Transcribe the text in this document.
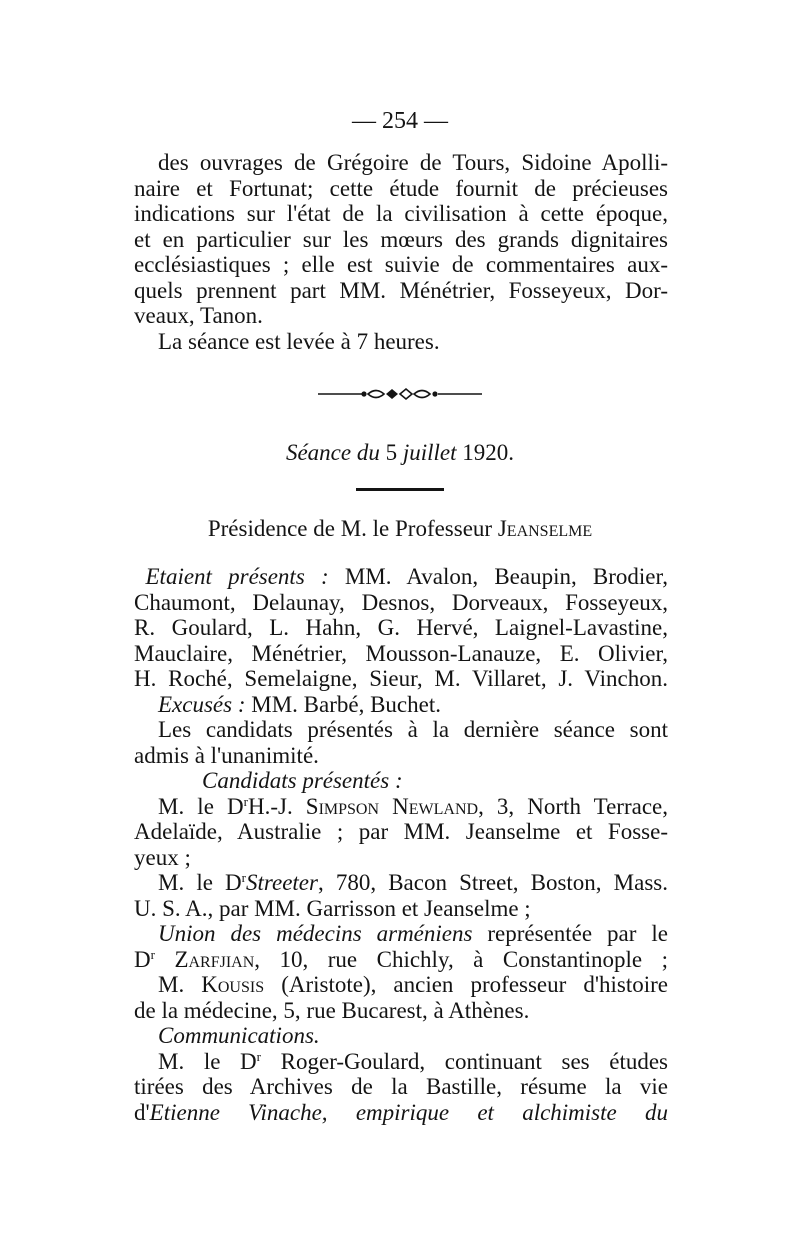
— 254 —
des ouvrages de Grégoire de Tours, Sidoine Apolli-
naire et Fortunat; cette étude fournit de précieuses
indications sur l'état de la civilisation à cette époque,
et en particulier sur les mœurs des grands dignitaires
ecclésiastiques ; elle est suivie de commentaires aux-
quels prennent part MM. Ménétrier, Fosseyeux, Dor-
veaux, Tanon.
La séance est levée à 7 heures.
Séance du 5 juillet 1920.
Présidence de M. le Professeur Jeanselme
 Etaient présents : MM. Avalon, Beaupin, Brodier,
Chaumont, Delaunay, Desnos, Dorveaux, Fosseyeux,
R. Goulard, L. Hahn, G. Hervé, Laignel-Lavastine,
Mauclaire, Ménétrier, Mousson-Lanauze, E. Olivier,
H. Roché, Semelaigne, Sieur, M. Villaret, J. Vinchon.
Excusés : MM. Barbé, Buchet.
Les candidats présentés à la dernière séance sont
admis à l'unanimité.
Candidats présentés :
M. le $D^rH.-J$. Simpson Newland, 3, North Terrace,
Adelaïde, Australie ; par MM. Jeanselme et Fosse-
yeux ;
M. le $D^rStreeter$, 780, Bacon Street, Boston, Mass.
U. S. A., par MM. Garrisson et Jeanselme ;
Union des médecins arméniens représentée par le
$D^r$ Zarfjian, 10, rue Chichly, à Constantinople ;
M. Kousis (Aristote), ancien professeur d'histoire
de la médecine, 5, rue Bucarest, à Athènes.
Communications.
M. le $D^r$ Roger-Goulard, continuant ses études
tirées des Archives de la Bastille, résume la vie
d'Etienne Vinache, empirique et alchimiste du
